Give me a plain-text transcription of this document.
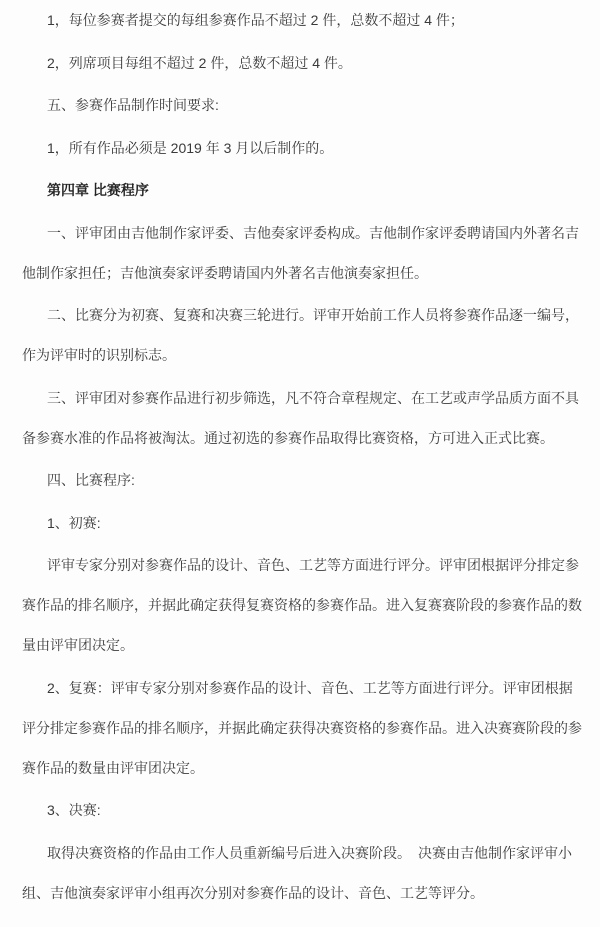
1，每位参赛者提交的每组参赛作品不超过 2 件，总数不超过 4 件；

2，列席项目每组不超过 2 件，总数不超过 4 件。

五、参赛作品制作时间要求:

1，所有作品必须是 2019 年 3 月以后制作的。

第四章 比赛程序

一、评审团由吉他制作家评委、吉他奏家评委构成。吉他制作家评委聘请国内外著名吉
他制作家担任；吉他演奏家评委聘请国内外著名吉他演奏家担任。

二、比赛分为初赛、复赛和决赛三轮进行。评审开始前工作人员将参赛作品逐一编号，
作为评审时的识别标志。

三、评审团对参赛作品进行初步筛选，凡不符合章程规定、在工艺或声学品质方面不具
备参赛水准的作品将被淘汰。通过初选的参赛作品取得比赛资格，方可进入正式比赛。

四、比赛程序:

1、初赛:

评审专家分别对参赛作品的设计、音色、工艺等方面进行评分。评审团根据评分排定参
赛作品的排名顺序，并据此确定获得复赛资格的参赛作品。进入复赛赛阶段的参赛作品的数
量由评审团决定。

2、复赛：评审专家分别对参赛作品的设计、音色、工艺等方面进行评分。评审团根据
评分排定参赛作品的排名顺序，并据此确定获得决赛资格的参赛作品。进入决赛赛阶段的参
赛作品的数量由评审团决定。

3、决赛:

取得决赛资格的作品由工作人员重新编号后进入决赛阶段。　决赛由吉他制作家评审小
组、吉他演奏家评审小组再次分别对参赛作品的设计、音色、工艺等评分。
